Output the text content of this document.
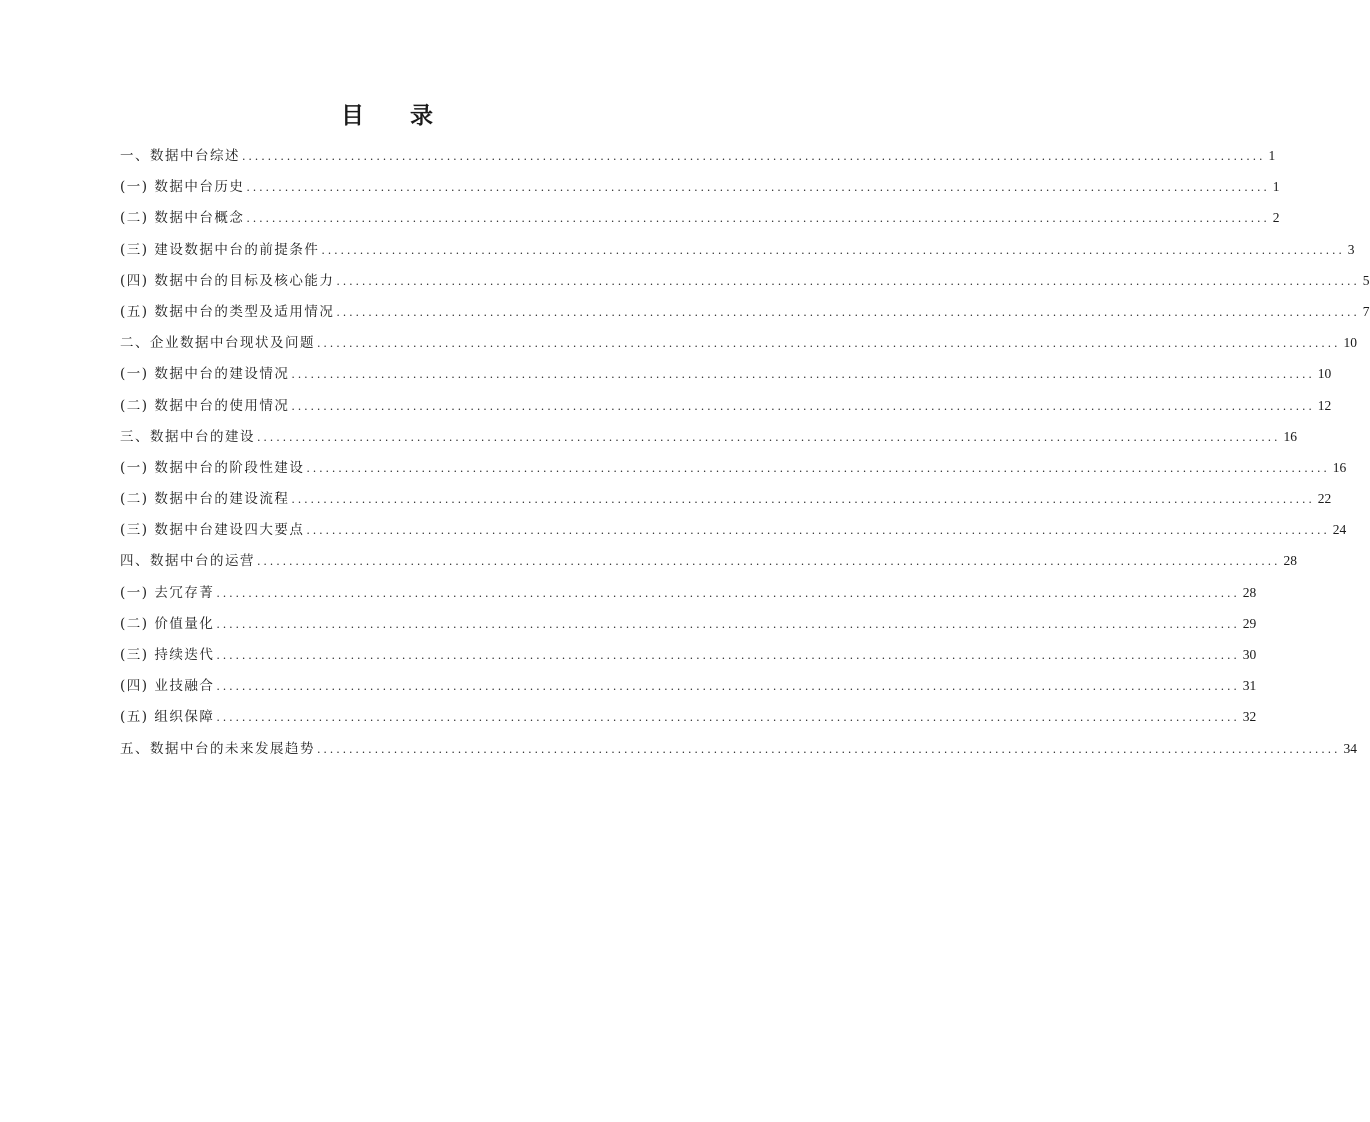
目 录
一、数据中台综述 ................................................................................................................................................................ 1
(一) 数据中台历史 ................................................................................................................................................................ 1
(二) 数据中台概念 ................................................................................................................................................................ 2
(三) 建设数据中台的前提条件 ................................................................................................................................................................ 3
(四) 数据中台的目标及核心能力 ................................................................................................................................................................ 5
(五) 数据中台的类型及适用情况 ................................................................................................................................................................ 7
二、企业数据中台现状及问题 ................................................................................................................................................................ 10
(一) 数据中台的建设情况 ................................................................................................................................................................ 10
(二) 数据中台的使用情况 ................................................................................................................................................................ 12
三、数据中台的建设 ................................................................................................................................................................ 16
(一) 数据中台的阶段性建设 ................................................................................................................................................................ 16
(二) 数据中台的建设流程 ................................................................................................................................................................ 22
(三) 数据中台建设四大要点 ................................................................................................................................................................ 24
四、数据中台的运营 ................................................................................................................................................................ 28
(一) 去冗存菁 ................................................................................................................................................................ 28
(二) 价值量化 ................................................................................................................................................................ 29
(三) 持续迭代 ................................................................................................................................................................ 30
(四) 业技融合 ................................................................................................................................................................ 31
(五) 组织保障 ................................................................................................................................................................ 32
五、数据中台的未来发展趋势 ................................................................................................................................................................ 34
